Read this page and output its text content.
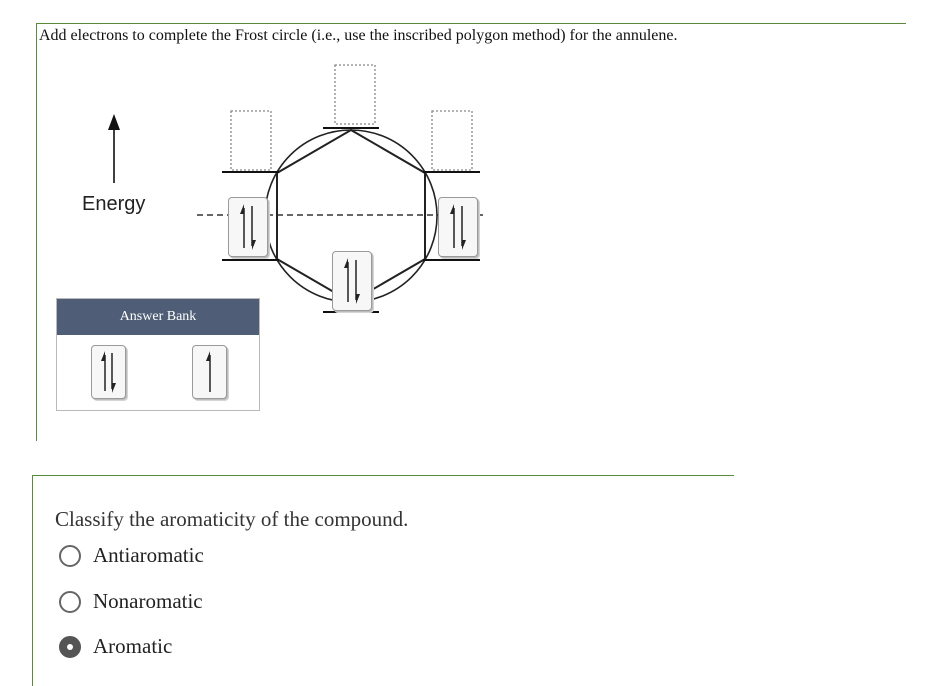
Add electrons to complete the Frost circle (i.e., use the inscribed polygon method) for the annulene.
Energy
Answer Bank
Classify the aromaticity of the compound.
Antiaromatic
Nonaromatic
Aromatic
